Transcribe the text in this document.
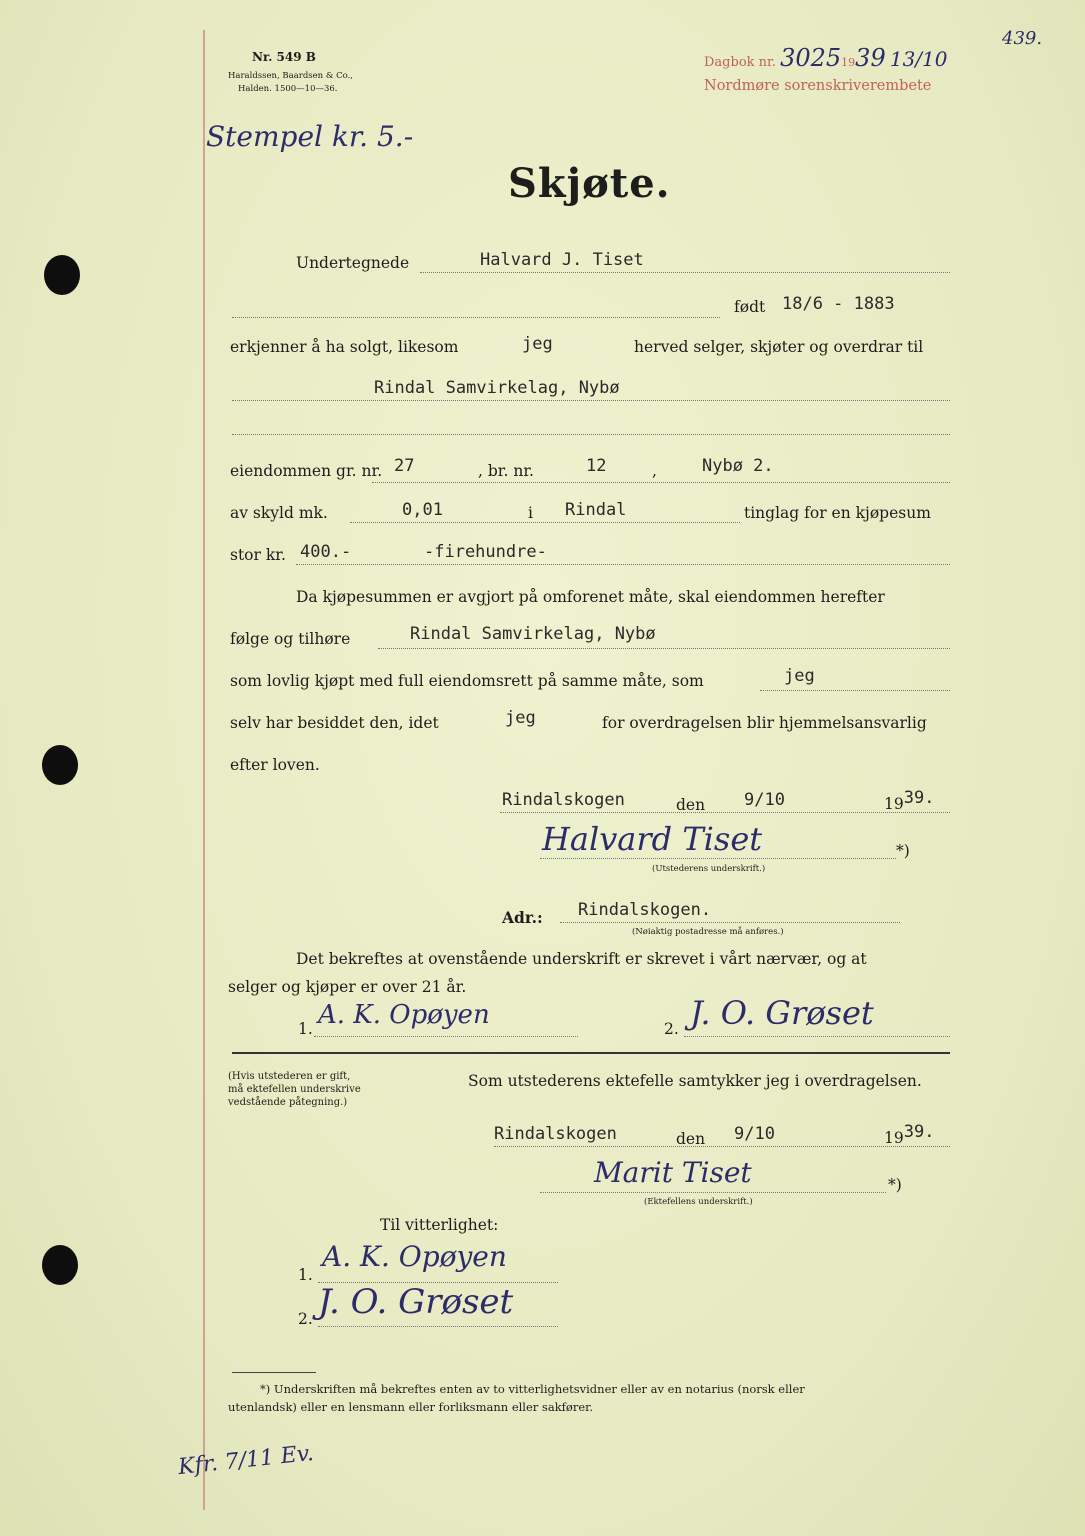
439.
Nr. 549 B
Haraldssen, Baardsen & Co.,
Halden. 1500—10—36.
Dagbok nr. 30251939 13/10
Nordmøre sorenskriverembete
Stempel kr. 5.-
Skjøte.
Undertegnede	Halvard J. Tiset
født 18/6 - 1883
erkjenner å ha solgt, likesom	jeg	herved selger, skjøter og overdrar til
Rindal Samvirkelag, Nybø
eiendommen gr. nr. 27	, br. nr.	12	,	Nybø 2.
av skyld mk.	0,01	i Rindal	tinglag for en kjøpesum
stor kr. 400.-	-firehundre-
Da kjøpesummen er avgjort på omforenet måte, skal eiendommen herefter
følge og tilhøre	Rindal Samvirkelag, Nybø
som lovlig kjøpt med full eiendomsrett på samme måte, som	jeg
selv har besiddet den, idet	jeg	for overdragelsen blir hjemmelsansvarlig
efter loven.
Rindalskogen	den 9/10	1939.
Halvard Tiset	*)
(Utstederens underskrift.)
Adr.: Rindalskogen.
(Nøiaktig postadresse må anføres.)
Det bekreftes at ovenstående underskrift er skrevet i vårt nærvær, og at
selger og kjøper er over 21 år.
1. A. K. Opøyen	2. J. O. Grøset
(Hvis utstederen er gift,
må ektefellen underskrive
vedstående påtegning.)
Som utstederens ektefelle samtykker jeg i overdragelsen.
Rindalskogen	den 9/10	1939.
Marit Tiset	*)
(Ektefellens underskrift.)
Til vitterlighet:
1.
A. K. Opøyen
2. J. O. Grøset
*) Underskriften må bekreftes enten av to vitterlighetsvidner eller av en notarius (norsk eller
utenlandsk) eller en lensmann eller forliksmann eller sakfører.
Kfr. 7/11 Ev.
